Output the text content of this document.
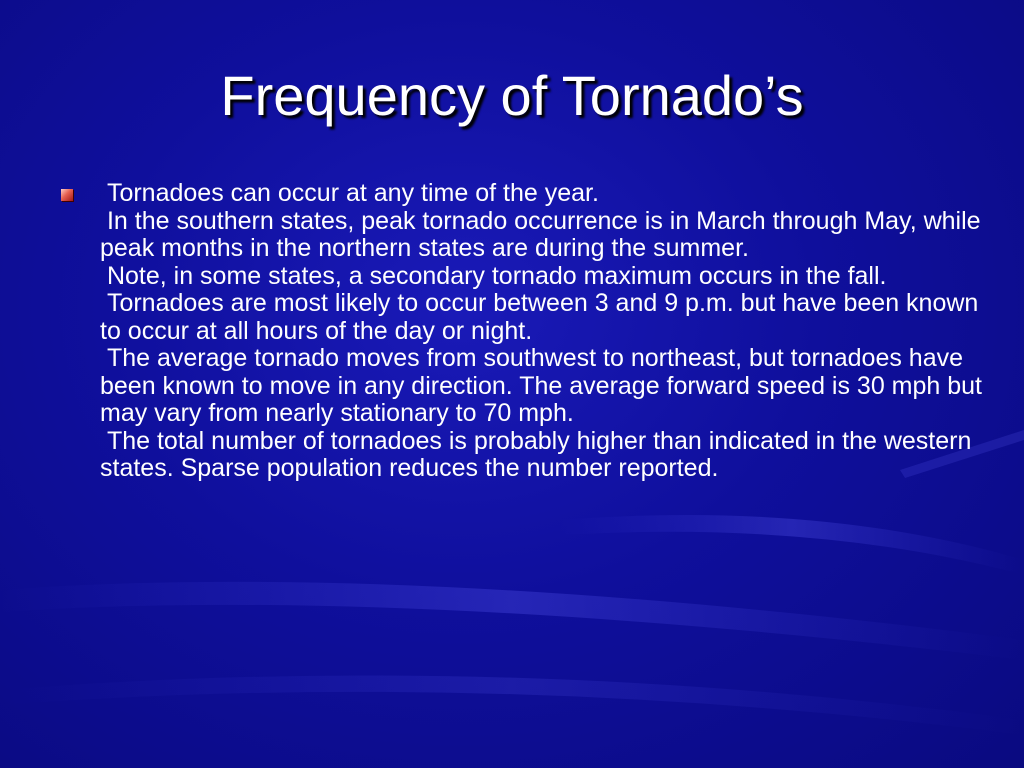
Frequency of Tornado’s
Tornadoes can occur at any time of the year.
In the southern states, peak tornado occurrence is in March through May, while peak months in the northern states are during the summer.
Note, in some states, a secondary tornado maximum occurs in the fall.
Tornadoes are most likely to occur between 3 and 9 p.m. but have been known to occur at all hours of the day or night.
The average tornado moves from southwest to northeast, but tornadoes have been known to move in any direction. The average forward speed is 30 mph but may vary from nearly stationary to 70 mph.
The total number of tornadoes is probably higher than indicated in the western states. Sparse population reduces the number reported.
